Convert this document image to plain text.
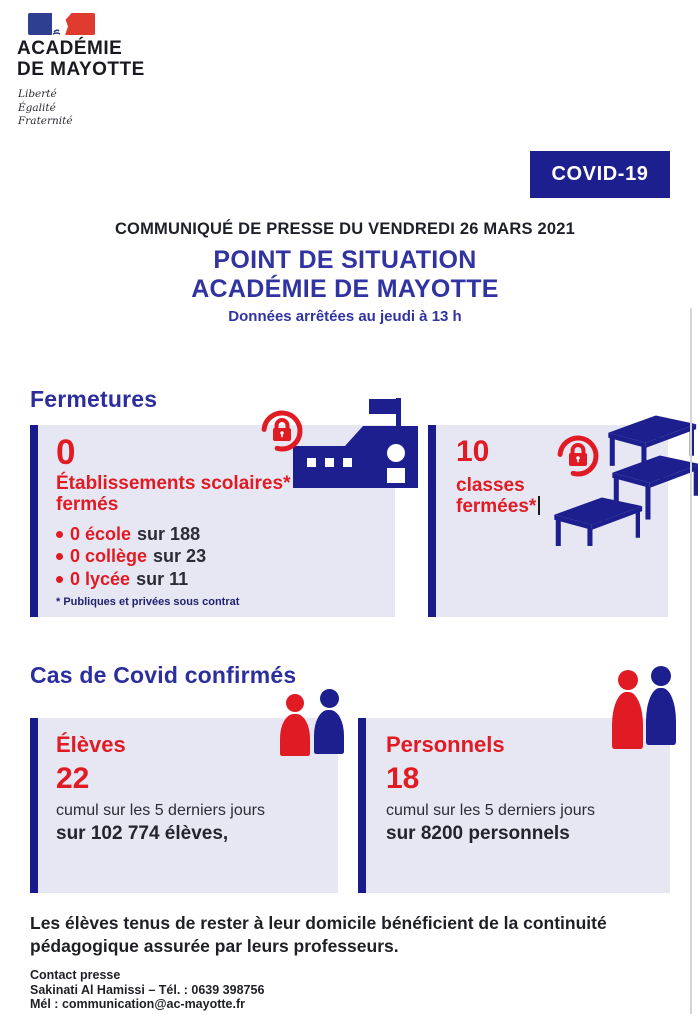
ACADÉMIE
DE MAYOTTE
Liberté
Égalité
Fraternité
COVID-19
COMMUNIQUÉ DE PRESSE DU VENDREDI 26 MARS 2021
POINT DE SITUATION
ACADÉMIE DE MAYOTTE
Données arrêtées au jeudi à 13 h
Fermetures
0
Établissements scolaires*
fermés
0 école sur 188
0 collège sur 23
0 lycée sur 11
* Publiques et privées sous contrat
10
classes
fermées*
Cas de Covid confirmés
Élèves
22
cumul sur les 5 derniers jours
sur 102 774 élèves,
Personnels
18
cumul sur les 5 derniers jours
sur 8200 personnels
Les élèves tenus de rester à leur domicile bénéficient de la continuité
pédagogique assurée par leurs professeurs.
Contact presse
Sakinati Al Hamissi – Tél. : 0639 398756
Mél : communication@ac-mayotte.fr
